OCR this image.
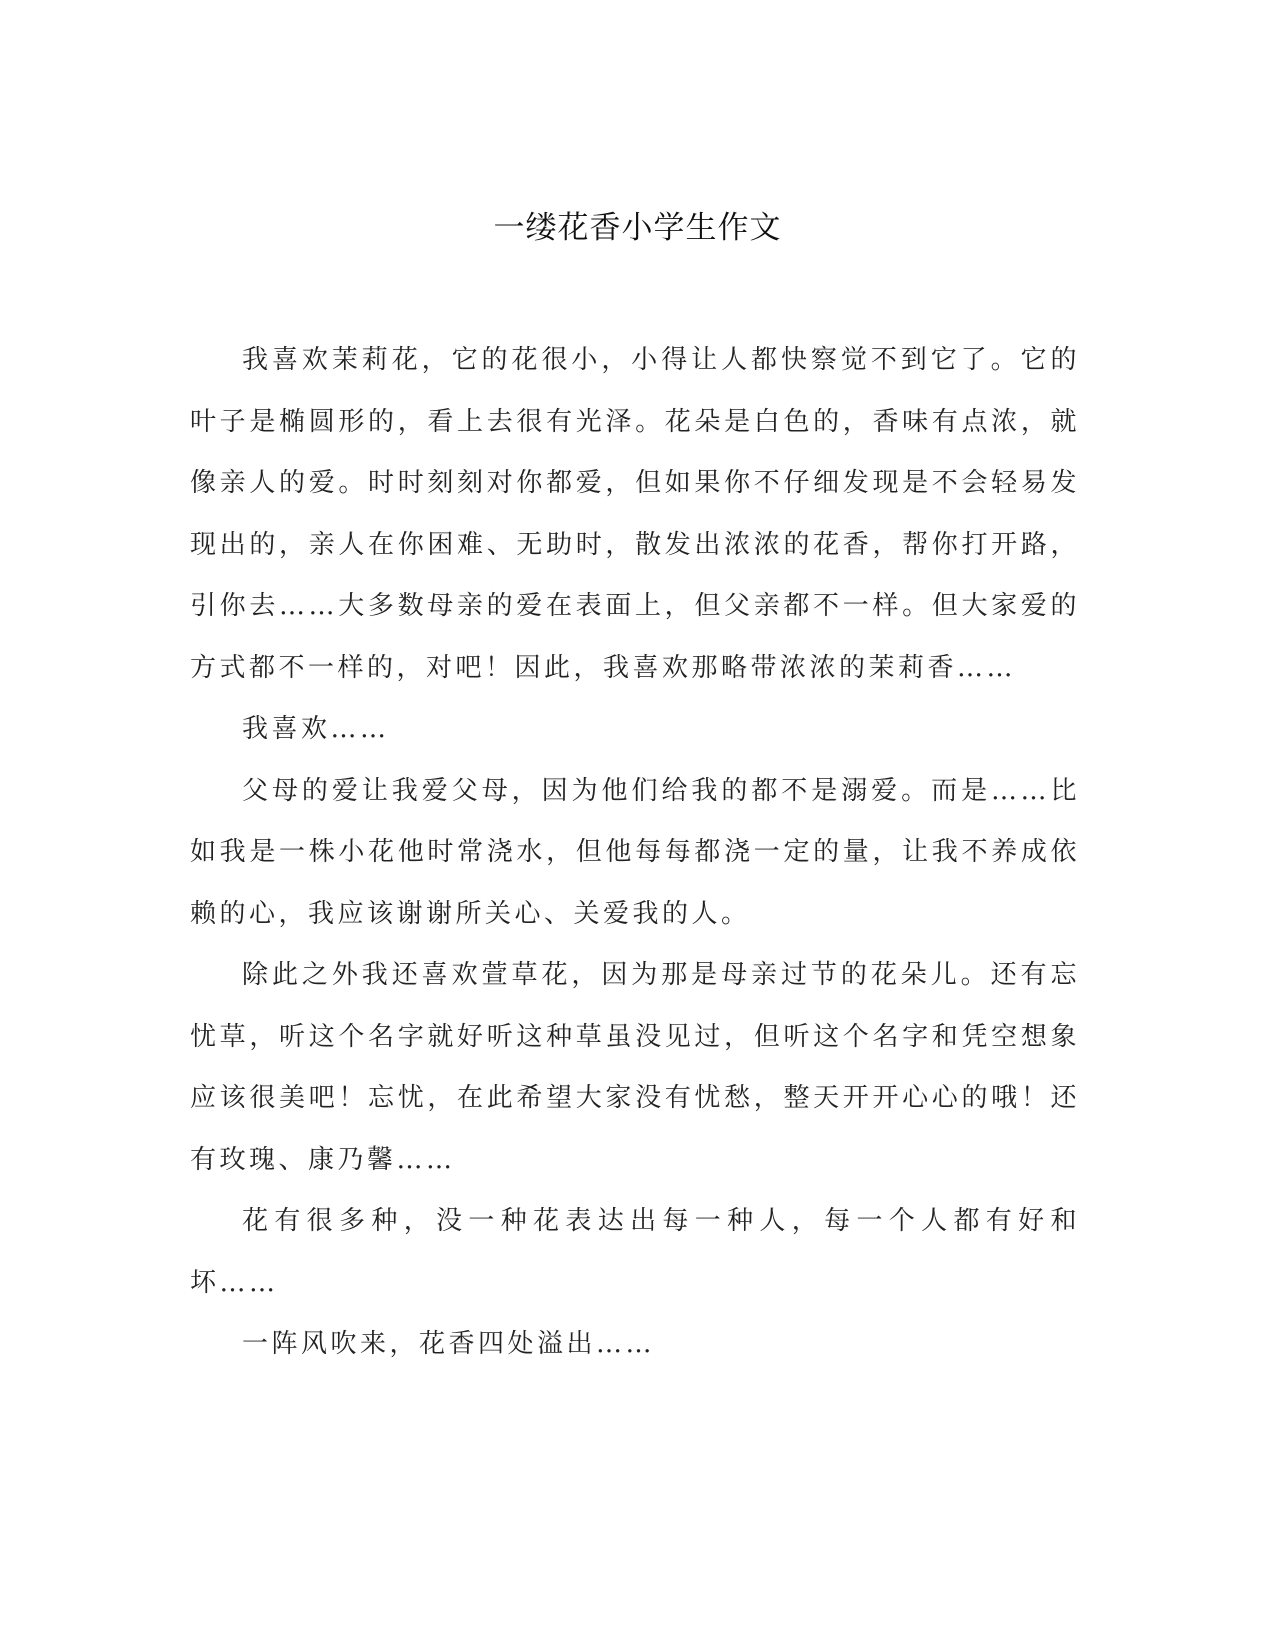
一缕花香小学生作文

我喜欢茉莉花，它的花很小，小得让人都快察觉不到它了。它的叶子是椭圆形的，看上去很有光泽。花朵是白色的，香味有点浓，就像亲人的爱。时时刻刻对你都爱，但如果你不仔细发现是不会轻易发现出的，亲人在你困难、无助时，散发出浓浓的花香，帮你打开路，引你去……大多数母亲的爱在表面上，但父亲都不一样。但大家爱的方式都不一样的，对吧！因此，我喜欢那略带浓浓的茉莉香……

我喜欢……

父母的爱让我爱父母，因为他们给我的都不是溺爱。而是……比如我是一株小花他时常浇水，但他每每都浇一定的量，让我不养成依赖的心，我应该谢谢所关心、关爱我的人。

除此之外我还喜欢萱草花，因为那是母亲过节的花朵儿。还有忘忧草，听这个名字就好听这种草虽没见过，但听这个名字和凭空想象应该很美吧！忘忧，在此希望大家没有忧愁，整天开开心心的哦！还有玫瑰、康乃馨……

花有很多种，没一种花表达出每一种人，每一个人都有好和坏……

一阵风吹来，花香四处溢出……
